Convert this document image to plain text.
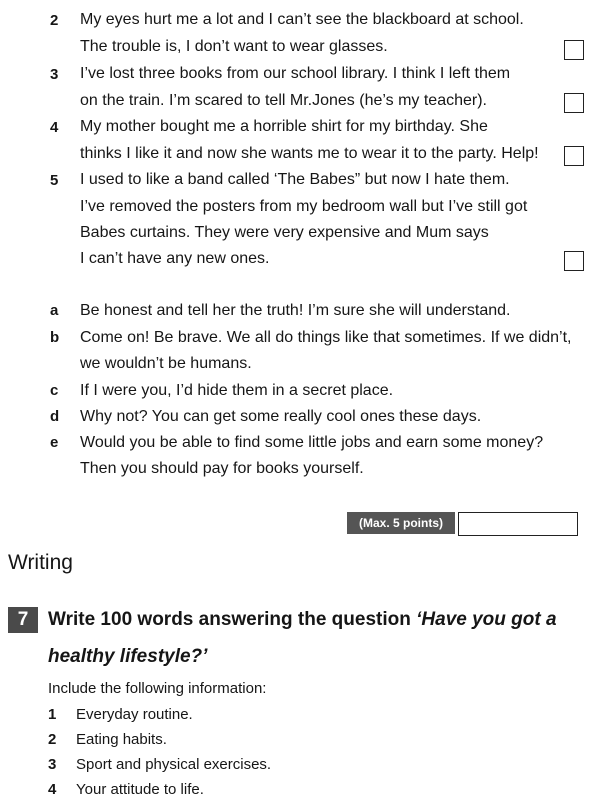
2	My eyes hurt me a lot and I can’t see the blackboard at school.
The trouble is, I don’t want to wear glasses.
3	I’ve lost three books from our school library. I think I left them
on the train. I’m scared to tell Mr.Jones (he’s my teacher).
4	My mother bought me a horrible shirt for my birthday. She
thinks I like it and now she wants me to wear it to the party. Help!
5	I used to like a band called ‘The Babes” but now I hate them.
I’ve removed the posters from my bedroom wall but I’ve still got
Babes curtains. They were very expensive and Mum says
I can’t have any new ones.
a	Be honest and tell her the truth! I’m sure she will understand.
b	Come on! Be brave. We all do things like that sometimes. If we didn’t,
we wouldn’t be humans.
c	If I were you, I’d hide them in a secret place.
d	Why not? You can get some really cool ones these days.
e	Would you be able to find some little jobs and earn some money?
Then you should pay for books yourself.
(Max. 5 points)
Writing
7	Write 100 words answering the question ‘Have you got a
healthy lifestyle?’
Include the following information:
1	Everyday routine.
2	Eating habits.
3	Sport and physical exercises.
4	Your attitude to life.
